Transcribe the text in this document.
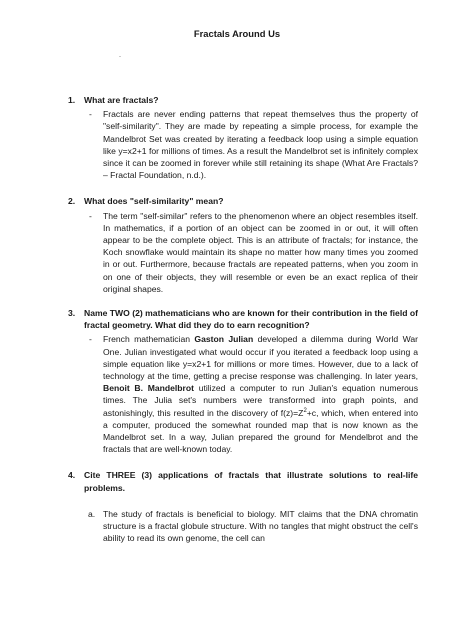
Fractals Around Us
-
1. What are fractals?
- Fractals are never ending patterns that repeat themselves thus the property of "self-similarity". They are made by repeating a simple process, for example the Mandelbrot Set was created by iterating a feedback loop using a simple equation like y=x2+1 for millions of times. As a result the Mandelbrot set is infinitely complex since it can be zoomed in forever while still retaining its shape (What Are Fractals? – Fractal Foundation, n.d.).
2. What does "self-similarity" mean?
- The term "self-similar" refers to the phenomenon where an object resembles itself. In mathematics, if a portion of an object can be zoomed in or out, it will often appear to be the complete object. This is an attribute of fractals; for instance, the Koch snowflake would maintain its shape no matter how many times you zoomed in or out. Furthermore, because fractals are repeated patterns, when you zoom in on one of their objects, they will resemble or even be an exact replica of their original shapes.
3. Name TWO (2) mathematicians who are known for their contribution in the field of fractal geometry. What did they do to earn recognition?
- French mathematician Gaston Julian developed a dilemma during World War One. Julian investigated what would occur if you iterated a feedback loop using a simple equation like y=x2+1 for millions or more times. However, due to a lack of technology at the time, getting a precise response was challenging. In later years, Benoit B. Mandelbrot utilized a computer to run Julian's equation numerous times. The Julia set's numbers were transformed into graph points, and astonishingly, this resulted in the discovery of $f(z)=Z^2+c$, which, when entered into a computer, produced the somewhat rounded map that is now known as the Mandelbrot set. In a way, Julian prepared the ground for Mendelbrot and the fractals that are well-known today.
4. Cite THREE (3) applications of fractals that illustrate solutions to real-life problems.
a. The study of fractals is beneficial to biology. MIT claims that the DNA chromatin structure is a fractal globule structure. With no tangles that might obstruct the cell's ability to read its own genome, the cell can
